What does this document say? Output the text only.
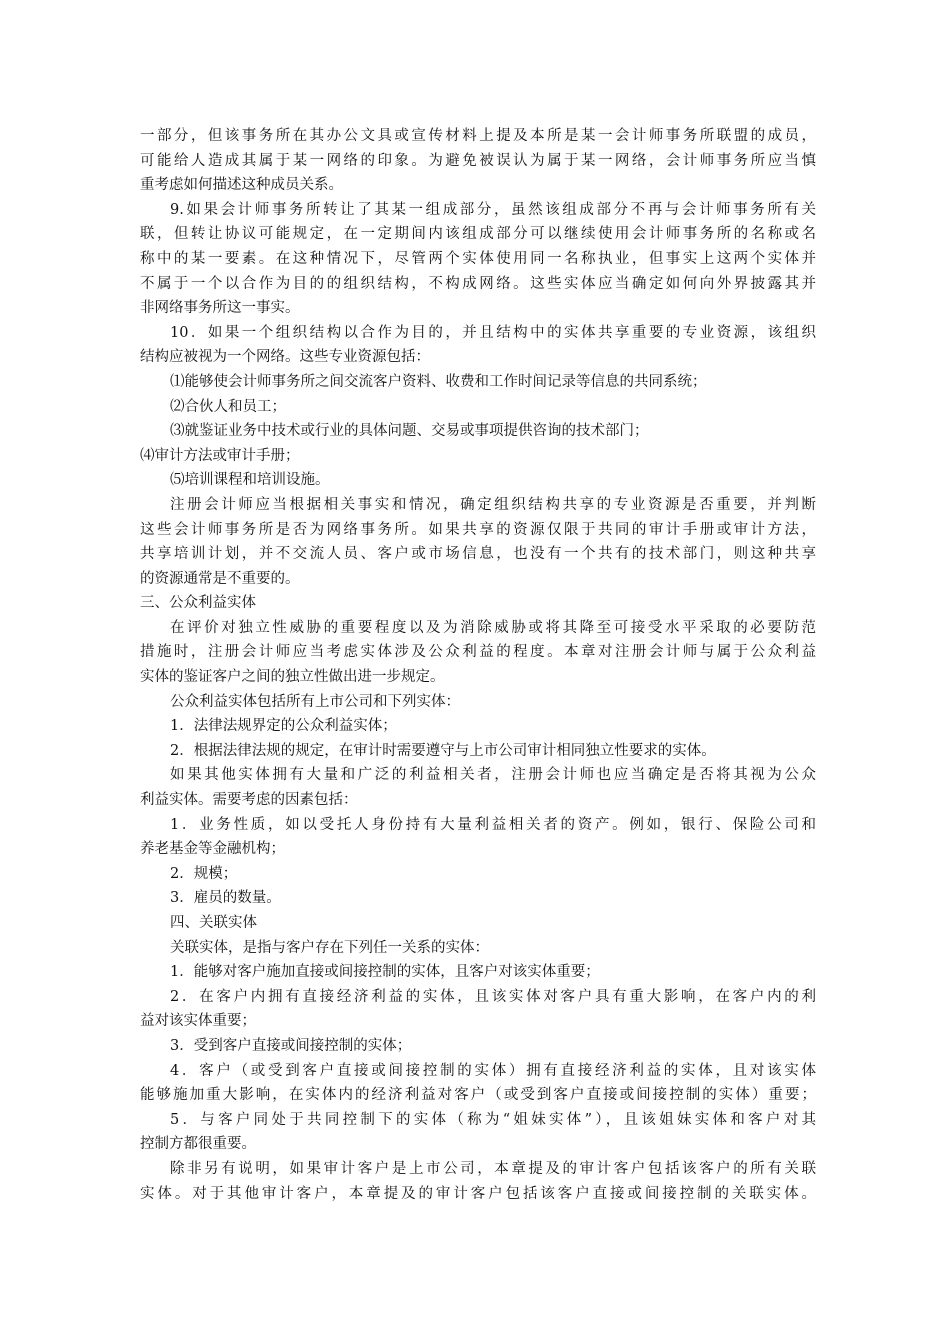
一部分，但该事务所在其办公文具或宣传材料上提及本所是某一会计师事务所联盟的成员，
可能给人造成其属于某一网络的印象。为避免被误认为属于某一网络，会计师事务所应当慎
重考虑如何描述这种成员关系。
9.如果会计师事务所转让了其某一组成部分，虽然该组成部分不再与会计师事务所有关
联，但转让协议可能规定，在一定期间内该组成部分可以继续使用会计师事务所的名称或名
称中的某一要素。在这种情况下，尽管两个实体使用同一名称执业，但事实上这两个实体并
不属于一个以合作为目的的组织结构，不构成网络。这些实体应当确定如何向外界披露其并
非网络事务所这一事实。
10．如果一个组织结构以合作为目的，并且结构中的实体共享重要的专业资源，该组织
结构应被视为一个网络。这些专业资源包括：
⑴能够使会计师事务所之间交流客户资料、收费和工作时间记录等信息的共同系统；
⑵合伙人和员工；
⑶就鉴证业务中技术或行业的具体问题、交易或事项提供咨询的技术部门；
⑷审计方法或审计手册；
⑸培训课程和培训设施。
注册会计师应当根据相关事实和情况，确定组织结构共享的专业资源是否重要，并判断
这些会计师事务所是否为网络事务所。如果共享的资源仅限于共同的审计手册或审计方法，
共享培训计划，并不交流人员、客户或市场信息，也没有一个共有的技术部门，则这种共享
的资源通常是不重要的。
三、公众利益实体
在评价对独立性威胁的重要程度以及为消除威胁或将其降至可接受水平采取的必要防范
措施时，注册会计师应当考虑实体涉及公众利益的程度。本章对注册会计师与属于公众利益
实体的鉴证客户之间的独立性做出进一步规定。
公众利益实体包括所有上市公司和下列实体：
1．法律法规界定的公众利益实体；
2．根据法律法规的规定，在审计时需要遵守与上市公司审计相同独立性要求的实体。
如果其他实体拥有大量和广泛的利益相关者，注册会计师也应当确定是否将其视为公众
利益实体。需要考虑的因素包括：
1．业务性质，如以受托人身份持有大量利益相关者的资产。例如，银行、保险公司和
养老基金等金融机构；
2．规模；
3．雇员的数量。
四、关联实体
关联实体，是指与客户存在下列任一关系的实体：
1．能够对客户施加直接或间接控制的实体，且客户对该实体重要；
2．在客户内拥有直接经济利益的实体，且该实体对客户具有重大影响，在客户内的利
益对该实体重要；
3．受到客户直接或间接控制的实体；
4．客户（或受到客户直接或间接控制的实体）拥有直接经济利益的实体，且对该实体
能够施加重大影响，在实体内的经济利益对客户（或受到客户直接或间接控制的实体）重要；
5．与客户同处于共同控制下的实体（称为“姐妹实体”），且该姐妹实体和客户对其
控制方都很重要。
除非另有说明，如果审计客户是上市公司，本章提及的审计客户包括该客户的所有关联
实体。对于其他审计客户，本章提及的审计客户包括该客户直接或间接控制的关联实体。
